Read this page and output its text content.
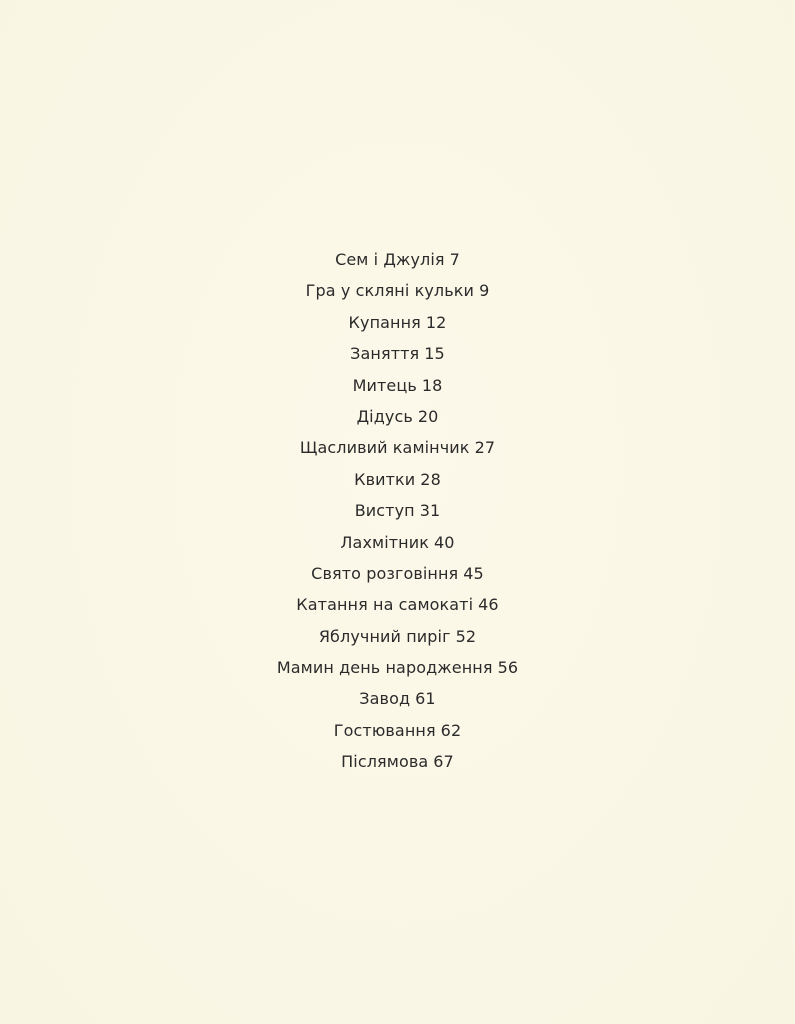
Сем і Джулія 7
Гра у скляні кульки 9
Купання 12
Заняття 15
Митець 18
Дідусь 20
Щасливий камінчик 27
Квитки 28
Виступ 31
Лахмітник 40
Свято розговіння 45
Катання на самокаті 46
Яблучний пиріг 52
Мамин день народження 56
Завод 61
Гостювання 62
Післямова 67
